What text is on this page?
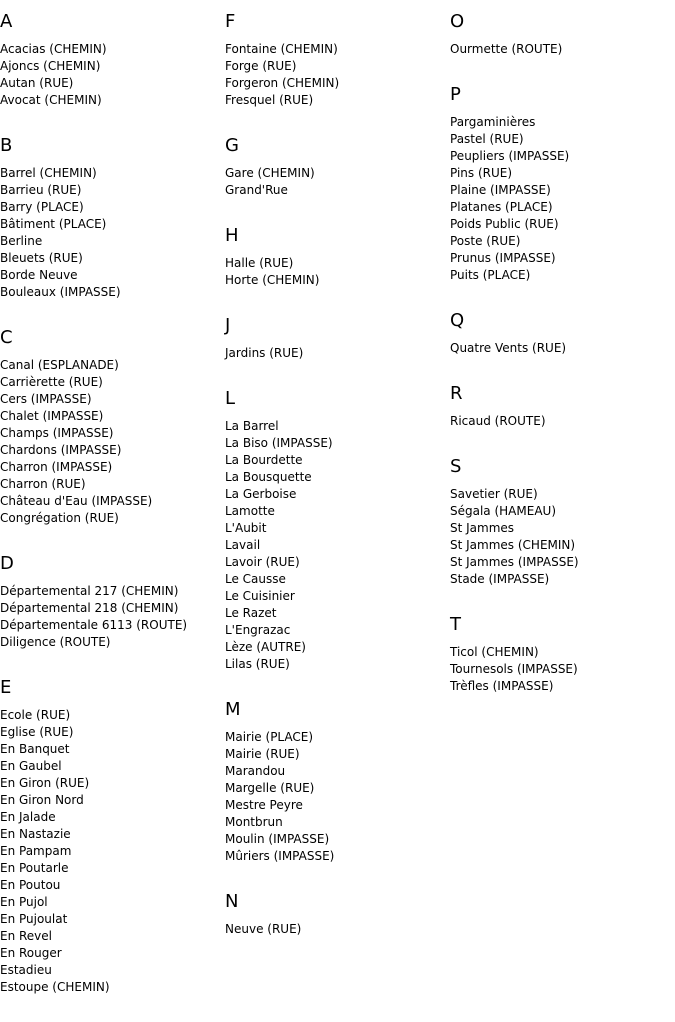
A
Acacias (CHEMIN)
Ajoncs (CHEMIN)
Autan (RUE)
Avocat (CHEMIN)
B
Barrel (CHEMIN)
Barrieu (RUE)
Barry (PLACE)
Bâtiment (PLACE)
Berline
Bleuets (RUE)
Borde Neuve
Bouleaux (IMPASSE)
C
Canal (ESPLANADE)
Carrièrette (RUE)
Cers (IMPASSE)
Chalet (IMPASSE)
Champs (IMPASSE)
Chardons (IMPASSE)
Charron (IMPASSE)
Charron (RUE)
Château d'Eau (IMPASSE)
Congrégation (RUE)
D
Départemental 217 (CHEMIN)
Départemental 218 (CHEMIN)
Départementale 6113 (ROUTE)
Diligence (ROUTE)
E
Ecole (RUE)
Eglise (RUE)
En Banquet
En Gaubel
En Giron (RUE)
En Giron Nord
En Jalade
En Nastazie
En Pampam
En Poutarle
En Poutou
En Pujol
En Pujoulat
En Revel
En Rouger
Estadieu
Estoupe (CHEMIN)
F
Fontaine (CHEMIN)
Forge (RUE)
Forgeron (CHEMIN)
Fresquel (RUE)
G
Gare (CHEMIN)
Grand'Rue
H
Halle (RUE)
Horte (CHEMIN)
J
Jardins (RUE)
L
La Barrel
La Biso (IMPASSE)
La Bourdette
La Bousquette
La Gerboise
Lamotte
L'Aubit
Lavail
Lavoir (RUE)
Le Causse
Le Cuisinier
Le Razet
L'Engrazac
Lèze (AUTRE)
Lilas (RUE)
M
Mairie (PLACE)
Mairie (RUE)
Marandou
Margelle (RUE)
Mestre Peyre
Montbrun
Moulin (IMPASSE)
Mûriers (IMPASSE)
N
Neuve (RUE)
O
Ourmette (ROUTE)
P
Pargaminières
Pastel (RUE)
Peupliers (IMPASSE)
Pins (RUE)
Plaine (IMPASSE)
Platanes (PLACE)
Poids Public (RUE)
Poste (RUE)
Prunus (IMPASSE)
Puits (PLACE)
Q
Quatre Vents (RUE)
R
Ricaud (ROUTE)
S
Savetier (RUE)
Ségala (HAMEAU)
St Jammes
St Jammes (CHEMIN)
St Jammes (IMPASSE)
Stade (IMPASSE)
T
Ticol (CHEMIN)
Tournesols (IMPASSE)
Trèfles (IMPASSE)
